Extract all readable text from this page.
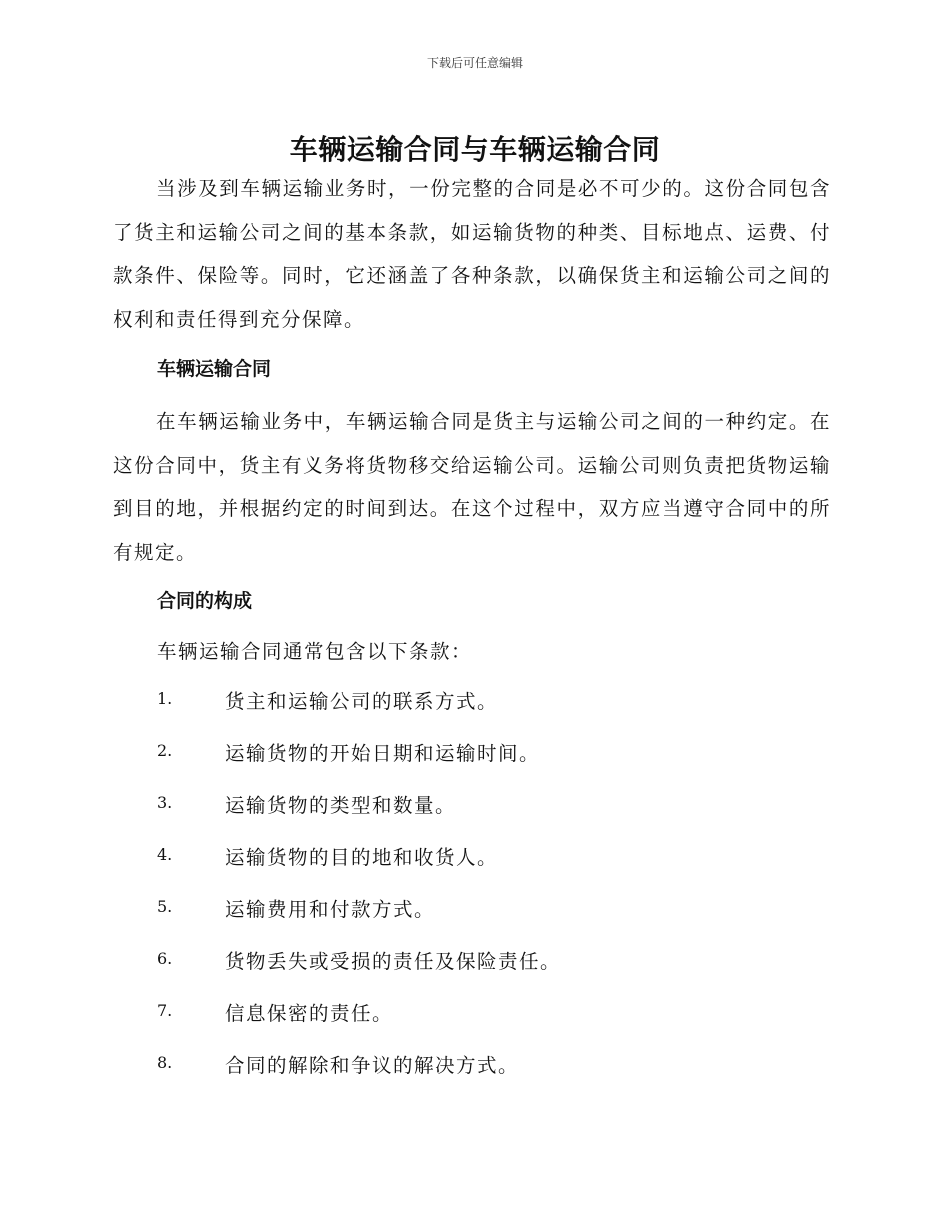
下载后可任意编辑
车辆运输合同与车辆运输合同

当涉及到车辆运输业务时，一份完整的合同是必不可少的。这份合同包含了货主和运输公司之间的基本条款，如运输货物的种类、目标地点、运费、付款条件、保险等。同时，它还涵盖了各种条款，以确保货主和运输公司之间的权利和责任得到充分保障。

车辆运输合同

在车辆运输业务中，车辆运输合同是货主与运输公司之间的一种约定。在这份合同中，货主有义务将货物移交给运输公司。运输公司则负责把货物运输到目的地，并根据约定的时间到达。在这个过程中，双方应当遵守合同中的所有规定。

合同的构成

车辆运输合同通常包含以下条款：

1.	货主和运输公司的联系方式。
2.	运输货物的开始日期和运输时间。
3.	运输货物的类型和数量。
4.	运输货物的目的地和收货人。
5.	运输费用和付款方式。
6.	货物丢失或受损的责任及保险责任。
7.	信息保密的责任。
8.	合同的解除和争议的解决方式。
